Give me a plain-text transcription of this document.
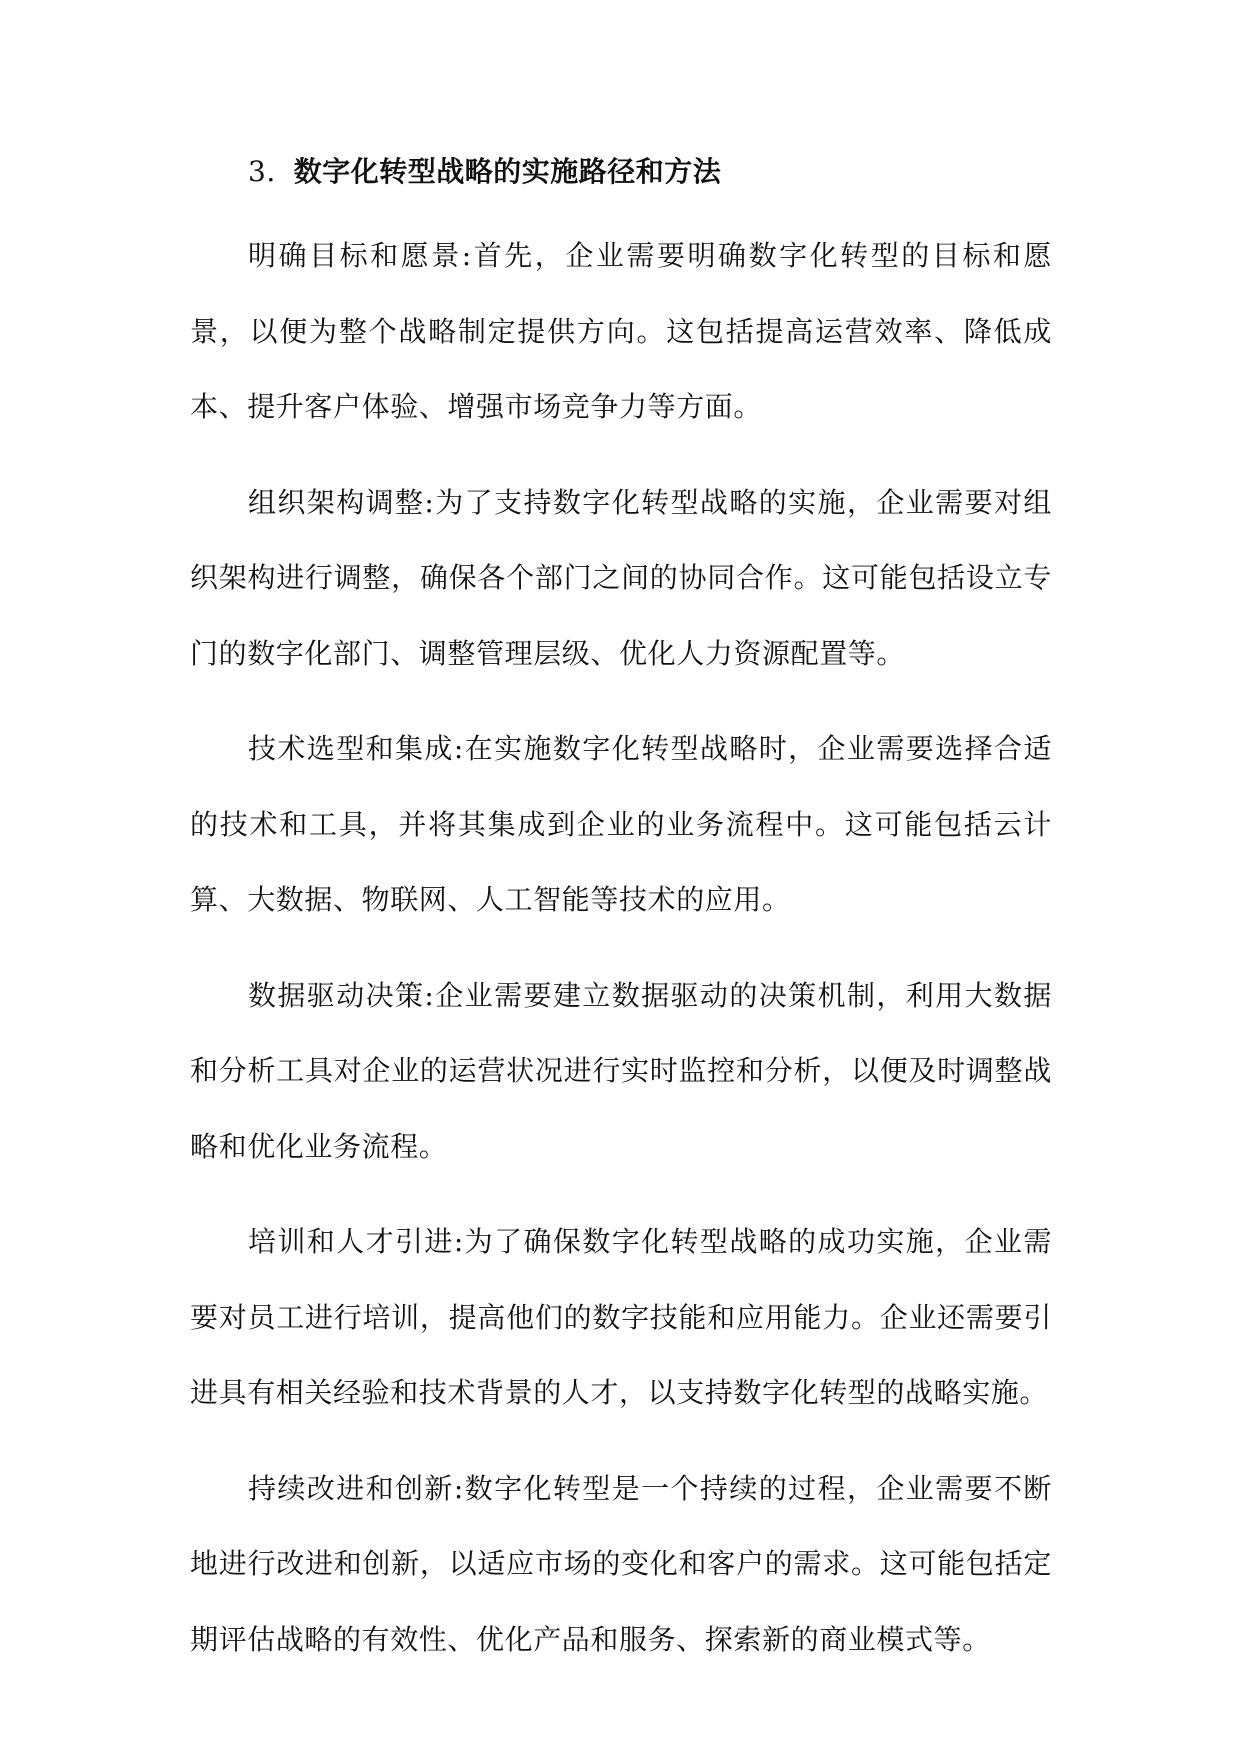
3. 数字化转型战略的实施路径和方法

明确目标和愿景:首先，企业需要明确数字化转型的目标和愿景，以便为整个战略制定提供方向。这包括提高运营效率、降低成本、提升客户体验、增强市场竞争力等方面。

组织架构调整:为了支持数字化转型战略的实施，企业需要对组织架构进行调整，确保各个部门之间的协同合作。这可能包括设立专门的数字化部门、调整管理层级、优化人力资源配置等。

技术选型和集成:在实施数字化转型战略时，企业需要选择合适的技术和工具，并将其集成到企业的业务流程中。这可能包括云计算、大数据、物联网、人工智能等技术的应用。

数据驱动决策:企业需要建立数据驱动的决策机制，利用大数据和分析工具对企业的运营状况进行实时监控和分析，以便及时调整战略和优化业务流程。

培训和人才引进:为了确保数字化转型战略的成功实施，企业需要对员工进行培训，提高他们的数字技能和应用能力。企业还需要引进具有相关经验和技术背景的人才，以支持数字化转型的战略实施。

持续改进和创新:数字化转型是一个持续的过程，企业需要不断地进行改进和创新，以适应市场的变化和客户的需求。这可能包括定期评估战略的有效性、优化产品和服务、探索新的商业模式等。
